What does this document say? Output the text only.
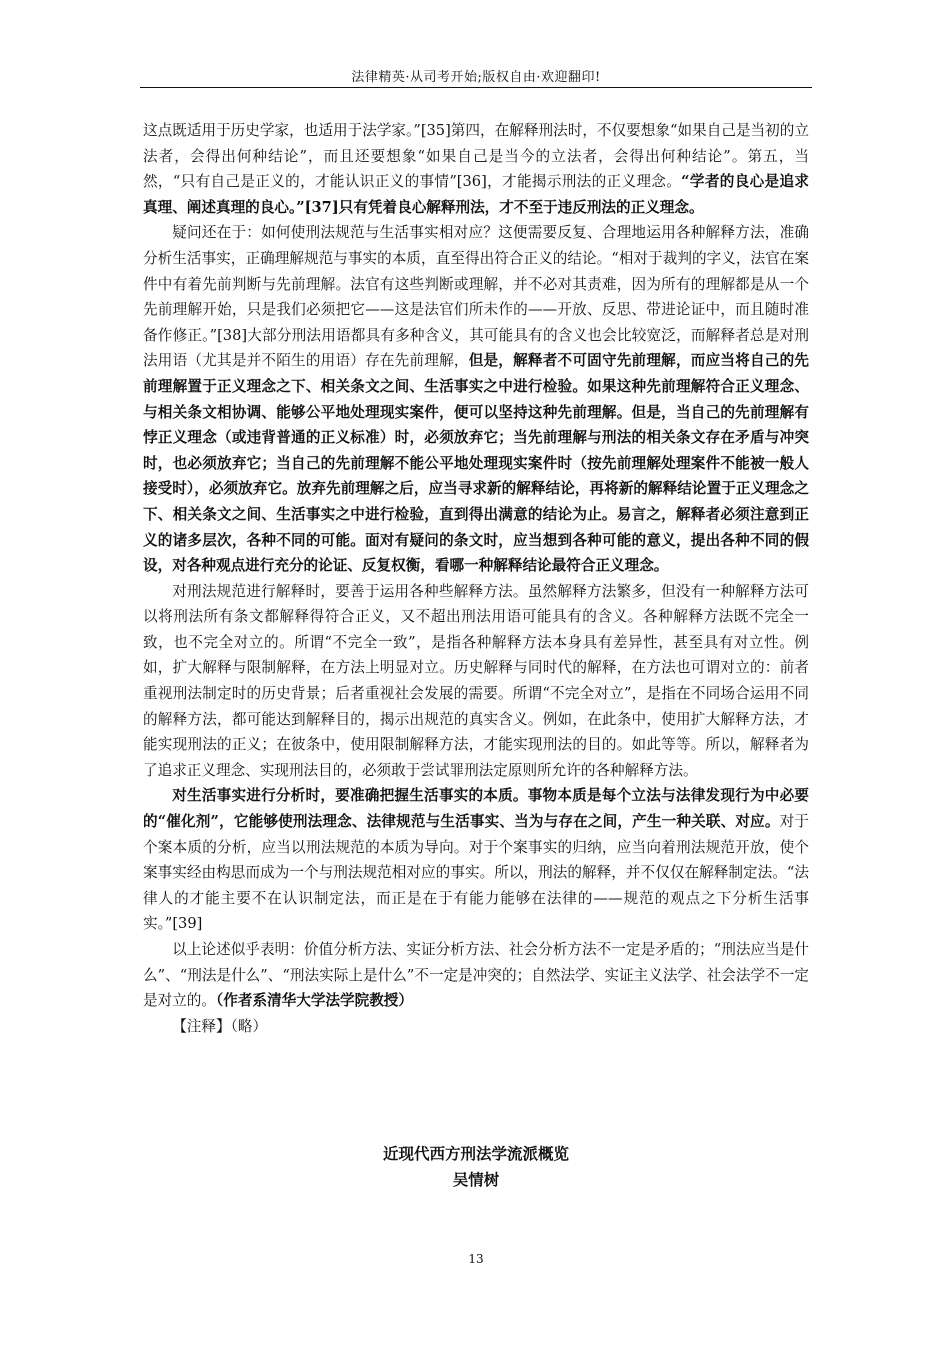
法律精英·从司考开始;版权自由·欢迎翻印!

这点既适用于历史学家，也适用于法学家。”[35]第四，在解释刑法时，不仅要想象“如果自己是当初的立法者，会得出何种结论”，而且还要想象“如果自己是当今的立法者，会得出何种结论”。第五，当然，“只有自己是正义的，才能认识正义的事情”[36]，才能揭示刑法的正义理念。“学者的良心是追求真理、阐述真理的良心。”[37]只有凭着良心解释刑法，才不至于违反刑法的正义理念。

疑问还在于：如何使刑法规范与生活事实相对应？这便需要反复、合理地运用各种解释方法，准确分析生活事实，正确理解规范与事实的本质，直至得出符合正义的结论。“相对于裁判的字义，法官在案件中有着先前判断与先前理解。法官有这些判断或理解，并不必对其责难，因为所有的理解都是从一个先前理解开始，只是我们必须把它——这是法官们所未作的——开放、反思、带进论证中，而且随时准备作修正。”[38]大部分刑法用语都具有多种含义，其可能具有的含义也会比较宽泛，而解释者总是对刑法用语（尤其是并不陌生的用语）存在先前理解，但是，解释者不可固守先前理解，而应当将自己的先前理解置于正义理念之下、相关条文之间、生活事实之中进行检验。如果这种先前理解符合正义理念、与相关条文相协调、能够公平地处理现实案件，便可以坚持这种先前理解。但是，当自己的先前理解有悖正义理念（或违背普通的正义标准）时，必须放弃它；当先前理解与刑法的相关条文存在矛盾与冲突时，也必须放弃它；当自己的先前理解不能公平地处理现实案件时（按先前理解处理案件不能被一般人接受时），必须放弃它。放弃先前理解之后，应当寻求新的解释结论，再将新的解释结论置于正义理念之下、相关条文之间、生活事实之中进行检验，直到得出满意的结论为止。易言之，解释者必须注意到正义的诸多层次，各种不同的可能。面对有疑问的条文时，应当想到各种可能的意义，提出各种不同的假设，对各种观点进行充分的论证、反复权衡，看哪一种解释结论最符合正义理念。

对刑法规范进行解释时，要善于运用各种些解释方法。虽然解释方法繁多，但没有一种解释方法可以将刑法所有条文都解释得符合正义，又不超出刑法用语可能具有的含义。各种解释方法既不完全一致，也不完全对立的。所谓“不完全一致”，是指各种解释方法本身具有差异性，甚至具有对立性。例如，扩大解释与限制解释，在方法上明显对立。历史解释与同时代的解释，在方法也可谓对立的：前者重视刑法制定时的历史背景；后者重视社会发展的需要。所谓“不完全对立”，是指在不同场合运用不同的解释方法，都可能达到解释目的，揭示出规范的真实含义。例如，在此条中，使用扩大解释方法，才能实现刑法的正义；在彼条中，使用限制解释方法，才能实现刑法的目的。如此等等。所以，解释者为了追求正义理念、实现刑法目的，必须敢于尝试罪刑法定原则所允许的各种解释方法。

对生活事实进行分析时，要准确把握生活事实的本质。事物本质是每个立法与法律发现行为中必要的“催化剂”，它能够使刑法理念、法律规范与生活事实、当为与存在之间，产生一种关联、对应。对于个案本质的分析，应当以刑法规范的本质为导向。对于个案事实的归纳，应当向着刑法规范开放，使个案事实经由构思而成为一个与刑法规范相对应的事实。所以，刑法的解释，并不仅仅在解释制定法。“法律人的才能主要不在认识制定法，而正是在于有能力能够在法律的——规范的观点之下分析生活事实。”[39]

以上论述似乎表明：价值分析方法、实证分析方法、社会分析方法不一定是矛盾的；“刑法应当是什么”、“刑法是什么”、“刑法实际上是什么”不一定是冲突的；自然法学、实证主义法学、社会法学不一定是对立的。（作者系清华大学法学院教授）

【注释】（略）

近现代西方刑法学流派概览
吴情树
13
